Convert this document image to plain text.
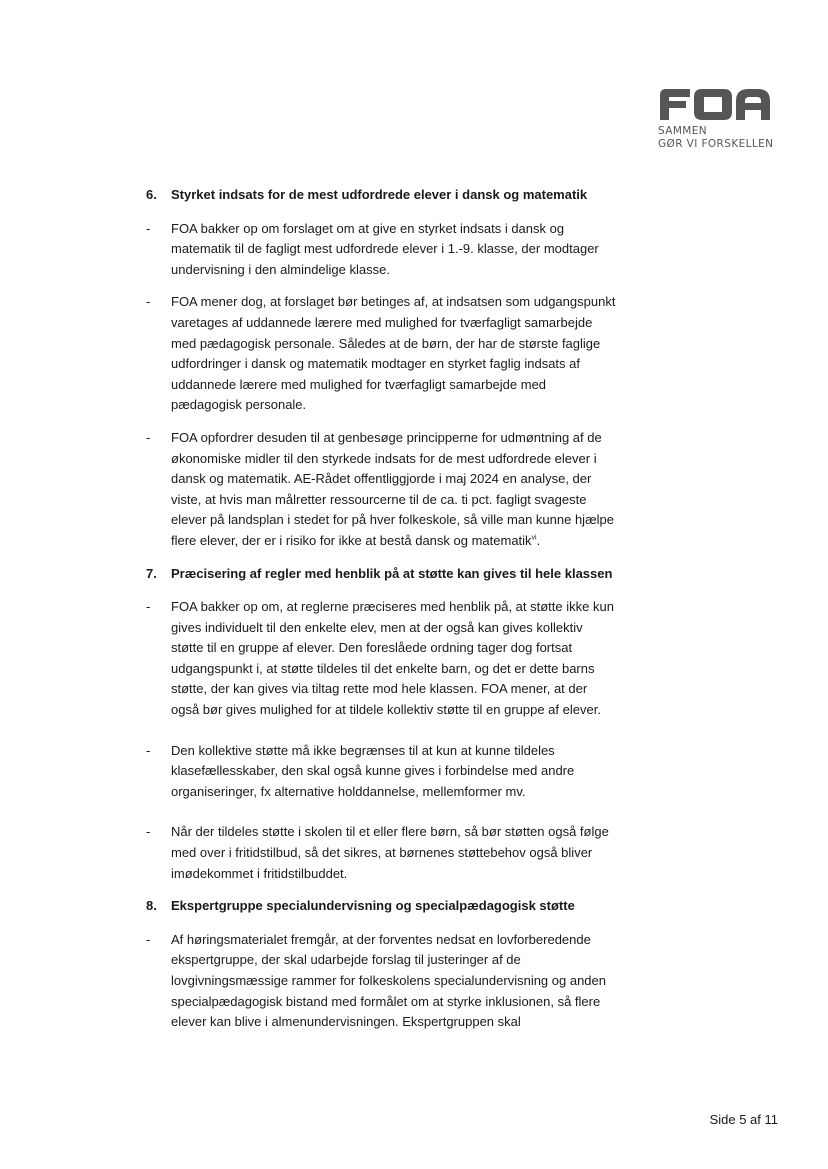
SAMMEN
GØR VI FORSKELLEN
6.	Styrket indsats for de mest udfordrede elever i dansk og matematik
-	FOA bakker op om forslaget om at give en styrket indsats i dansk og matematik til de fagligt mest udfordrede elever i 1.-9. klasse, der modtager undervisning i den almindelige klasse.
-	FOA mener dog, at forslaget bør betinges af, at indsatsen som udgangspunkt varetages af uddannede lærere med mulighed for tværfagligt samarbejde med pædagogisk personale. Således at de børn, der har de største faglige udfordringer i dansk og matematik modtager en styrket faglig indsats af uddannede lærere med mulighed for tværfagligt samarbejde med pædagogisk personale.
-	FOA opfordrer desuden til at genbesøge principperne for udmøntning af de økonomiske midler til den styrkede indsats for de mest udfordrede elever i dansk og matematik. AE-Rådet offentliggjorde i maj 2024 en analyse, der viste, at hvis man målretter ressourcerne til de ca. ti pct. fagligt svageste elever på landsplan i stedet for på hver folkeskole, så ville man kunne hjælpe flere elever, der er i risiko for ikke at bestå dansk og matematik$^{vi}$.
7.	Præcisering af regler med henblik på at støtte kan gives til hele klassen
-	FOA bakker op om, at reglerne præciseres med henblik på, at støtte ikke kun gives individuelt til den enkelte elev, men at der også kan gives kollektiv støtte til en gruppe af elever. Den foreslåede ordning tager dog fortsat udgangspunkt i, at støtte tildeles til det enkelte barn, og det er dette barns støtte, der kan gives via tiltag rette mod hele klassen. FOA mener, at der også bør gives mulighed for at tildele kollektiv støtte til en gruppe af elever.
-	Den kollektive støtte må ikke begrænses til at kun at kunne tildeles klasefællesskaber, den skal også kunne gives i forbindelse med andre organiseringer, fx alternative holddannelse, mellemformer mv.
-	Når der tildeles støtte i skolen til et eller flere børn, så bør støtten også følge med over i fritidstilbud, så det sikres, at børnenes støttebehov også bliver imødekommet i fritidstilbuddet.
8.	Ekspertgruppe specialundervisning og specialpædagogisk støtte
-	Af høringsmaterialet fremgår, at der forventes nedsat en lovforberedende ekspertgruppe, der skal udarbejde forslag til justeringer af de lovgivningsmæssige rammer for folkeskolens specialundervisning og anden specialpædagogisk bistand med formålet om at styrke inklusionen, så flere elever kan blive i almenundervisningen. Ekspertgruppen skal
Side 5 af 11
